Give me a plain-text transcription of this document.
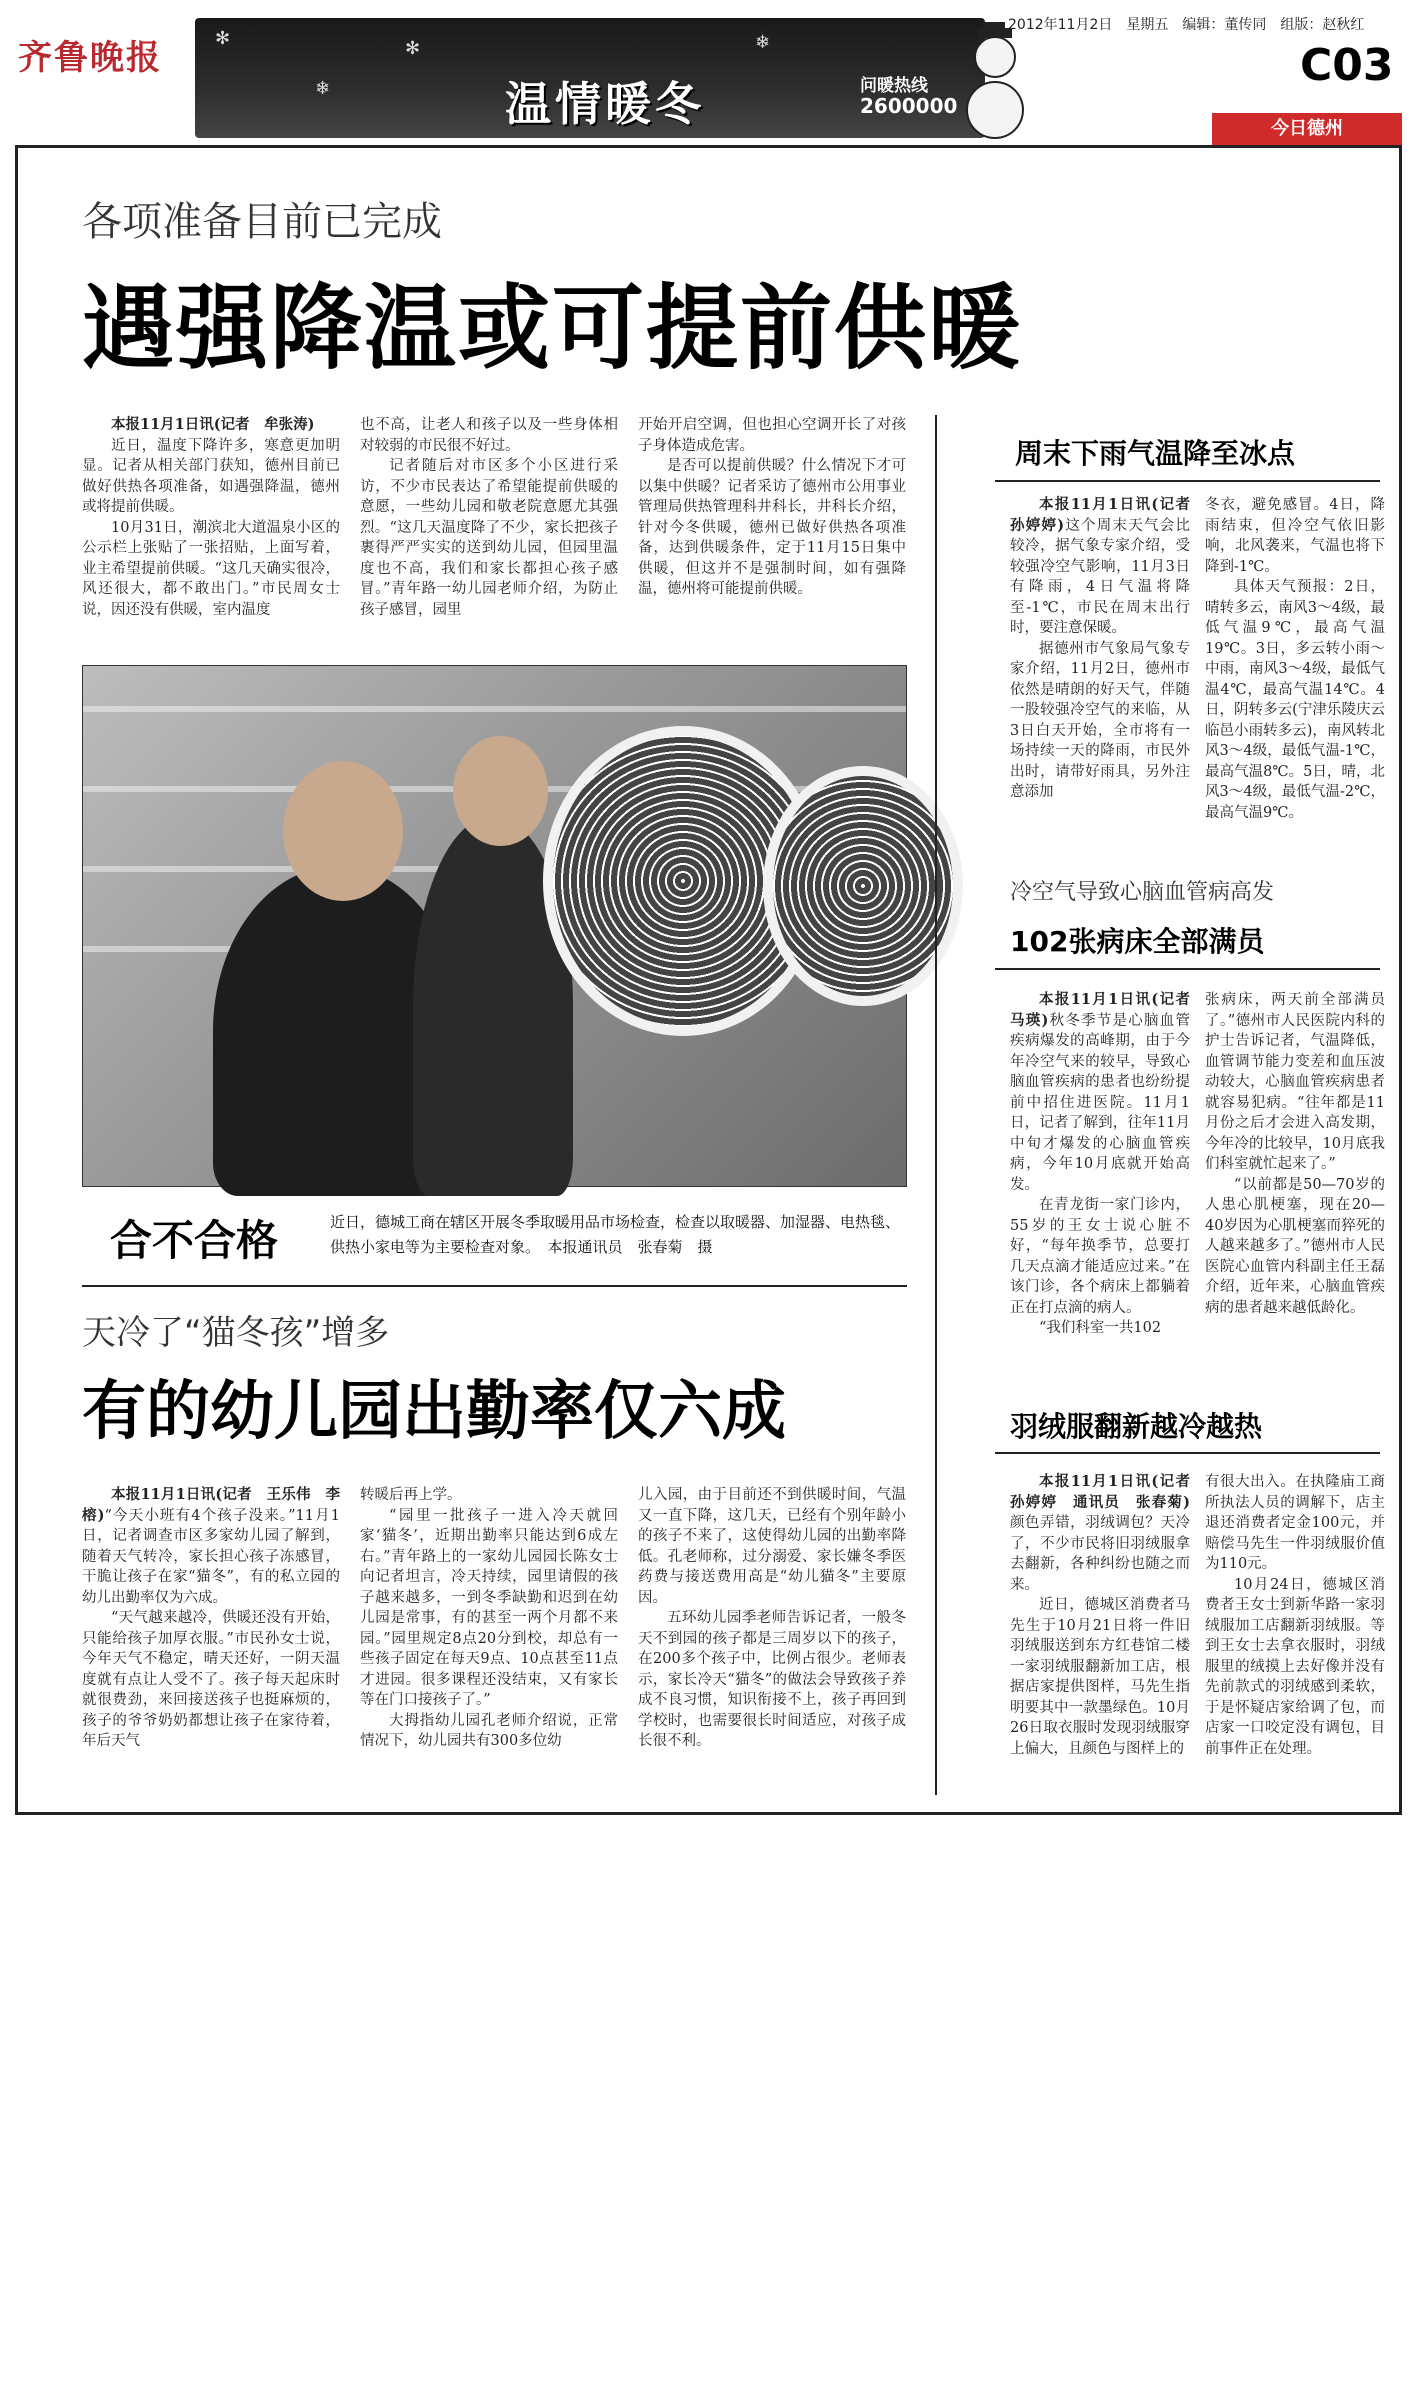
齐鲁晚报	✻
❄
✻	❄
温情暖冬	问暖热线
2600000
2012年11月2日 星期五 编辑：董传同 组版：赵秋红
C03
今日德州
各项准备目前已完成
遇强降温或可提前供暖

本报11月1日讯(记者　牟张涛)

近日，温度下降许多，寒意更加明显。记者从相关部门获知，德州目前已做好供热各项准备，如遇强降温，德州或将提前供暖。

10月31日，潮滨北大道温泉小区的公示栏上张贴了一张招贴，上面写着，业主希望提前供暖。“这几天确实很冷，风还很大，都不敢出门。”市民周女士说，因还没有供暖，室内温度

也不高，让老人和孩子以及一些身体相对较弱的市民很不好过。

记者随后对市区多个小区进行采访，不少市民表达了希望能提前供暖的意愿，一些幼儿园和敬老院意愿尤其强烈。“这几天温度降了不少，家长把孩子裹得严严实实的送到幼儿园，但园里温度也不高，我们和家长都担心孩子感冒。”青年路一幼儿园老师介绍，为防止孩子感冒，园里

开始开启空调，但也担心空调开长了对孩子身体造成危害。

是否可以提前供暖？什么情况下才可以集中供暖？记者采访了德州市公用事业管理局供热管理科井科长，井科长介绍，针对今冬供暖，德州已做好供热各项准备，达到供暖条件，定于11月15日集中供暖，但这并不是强制时间，如有强降温，德州将可能提前供暖。

合不合格	近日，德城工商在辖区开展冬季取暖用品市场检查，检查以取暖器、加湿器、电热毯、供热小家电等为主要检查对象。　本报通讯员　张春菊　摄
天冷了“猫冬孩”增多
有的幼儿园出勤率仅六成

本报11月1日讯(记者　王乐伟　李榕)“今天小班有4个孩子没来。”11月1日，记者调查市区多家幼儿园了解到，随着天气转冷，家长担心孩子冻感冒，干脆让孩子在家“猫冬”，有的私立园的幼儿出勤率仅为六成。

“天气越来越冷，供暖还没有开始，只能给孩子加厚衣服。”市民孙女士说，今年天气不稳定，晴天还好，一阴天温度就有点让人受不了。孩子每天起床时就很费劲，来回接送孩子也挺麻烦的，孩子的爷爷奶奶都想让孩子在家待着，年后天气

转暖后再上学。

“园里一批孩子一进入冷天就回家‘猫冬’，近期出勤率只能达到6成左右。”青年路上的一家幼儿园园长陈女士向记者坦言，冷天持续，园里请假的孩子越来越多，一到冬季缺勤和迟到在幼儿园是常事，有的甚至一两个月都不来园。”园里规定8点20分到校，却总有一些孩子固定在每天9点、10点甚至11点才进园。很多课程还没结束，又有家长等在门口接孩子了。”

大拇指幼儿园孔老师介绍说，正常情况下，幼儿园共有300多位幼

儿入园，由于目前还不到供暖时间，气温又一直下降，这几天，已经有个别年龄小的孩子不来了，这使得幼儿园的出勤率降低。孔老师称，过分溺爱、家长嫌冬季医药费与接送费用高是“幼儿猫冬”主要原因。

五环幼儿园季老师告诉记者，一般冬天不到园的孩子都是三周岁以下的孩子，在200多个孩子中，比例占很少。老师表示，家长冷天“猫冬”的做法会导致孩子养成不良习惯，知识衔接不上，孩子再回到学校时，也需要很长时间适应，对孩子成长很不利。

周末下雨气温降至冰点

本报11月1日讯(记者　孙婷婷)这个周末天气会比较冷，据气象专家介绍，受较强冷空气影响，11月3日有降雨，4日气温将降至-1℃，市民在周末出行时，要注意保暖。

据德州市气象局气象专家介绍，11月2日，德州市依然是晴朗的好天气，伴随一股较强冷空气的来临，从3日白天开始，全市将有一场持续一天的降雨，市民外出时，请带好雨具，另外注意添加

冬衣，避免感冒。4日，降雨结束，但冷空气依旧影响，北风袭来，气温也将下降到-1℃。

具体天气预报：2日，晴转多云，南风3～4级，最低气温9℃，最高气温19℃。3日，多云转小雨～中雨，南风3～4级，最低气温4℃，最高气温14℃。4日，阴转多云(宁津乐陵庆云临邑小雨转多云)，南风转北风3～4级，最低气温-1℃，最高气温8℃。5日，晴，北风3～4级，最低气温-2℃，最高气温9℃。

冷空气导致心脑血管病高发
102张病床全部满员

本报11月1日讯(记者　马瑛)秋冬季节是心脑血管疾病爆发的高峰期，由于今年冷空气来的较早，导致心脑血管疾病的患者也纷纷提前中招住进医院。11月1日，记者了解到，往年11月中旬才爆发的心脑血管疾病，今年10月底就开始高发。

在青龙街一家门诊内，55岁的王女士说心脏不好，“每年换季节，总要打几天点滴才能适应过来。”在该门诊，各个病床上都躺着正在打点滴的病人。

“我们科室一共102

张病床，两天前全部满员了。”德州市人民医院内科的护士告诉记者，气温降低，血管调节能力变差和血压波动较大，心脑血管疾病患者就容易犯病。“往年都是11月份之后才会进入高发期，今年冷的比较早，10月底我们科室就忙起来了。”

“以前都是50—70岁的人患心肌梗塞，现在20—40岁因为心肌梗塞而猝死的人越来越多了。”德州市人民医院心血管内科副主任王磊介绍，近年来，心脑血管疾病的患者越来越低龄化。

羽绒服翻新越冷越热

本报11月1日讯(记者　孙婷婷　通讯员　张春菊)颜色弄错，羽绒调包？天冷了，不少市民将旧羽绒服拿去翻新，各种纠纷也随之而来。

近日，德城区消费者马先生于10月21日将一件旧羽绒服送到东方红巷馆二楼一家羽绒服翻新加工店，根据店家提供图样，马先生指明要其中一款墨绿色。10月26日取衣服时发现羽绒服穿上偏大，且颜色与图样上的

有很大出入。在执隆庙工商所执法人员的调解下，店主退还消费者定金100元，并赔偿马先生一件羽绒服价值为110元。

10月24日，德城区消费者王女士到新华路一家羽绒服加工店翻新羽绒服。等到王女士去拿衣服时，羽绒服里的绒摸上去好像并没有先前款式的羽绒感到柔软，于是怀疑店家给调了包，而店家一口咬定没有调包，目前事件正在处理。
